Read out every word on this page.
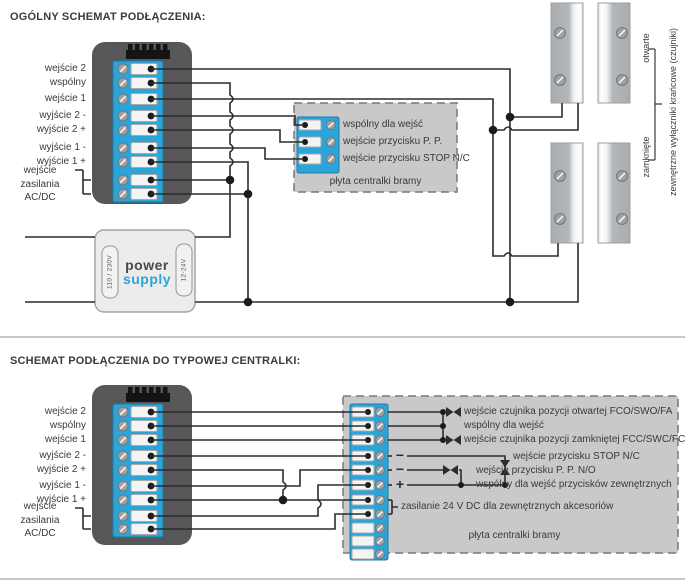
OGÓLNY SCHEMAT PODŁĄCZENIA:
SCHEMAT PODŁĄCZENIA DO TYPOWEJ CENTRALKI:
wejście 2
wspólny
wejście 1
wyjście 2 -
wyjście 2 +
wyjście 1 -
wyjście 1 +
wejście
zasilania
AC/DC
wejście 2
wspólny
wejście 1
wyjście 2 -
wyjście 2 +
wyjście 1 -
wyjście 1 +
wejście
zasilania
AC/DC
wspólny dla wejść
wejście przycisku P. P.
wejście przycisku STOP N/C
płyta centralki bramy
otwarte
zamknięte zewnętrzne wyłączniki krańcowe (czujniki)
110 / 230V	12-24V
power
supply
wejście czujnika pozycji otwartej FCO/SWO/FA
wspólny dla wejść
wejście czujnika pozycji zamkniętej FCC/SWC/FC
wejście przycisku STOP N/C
wejście przycisku P. P. N/O
wspólny dla wejść przycisków zewnętrznych
zasilanie 24 V DC dla zewnętrznych akcesoriów
płyta centralki bramy
−
−
+
